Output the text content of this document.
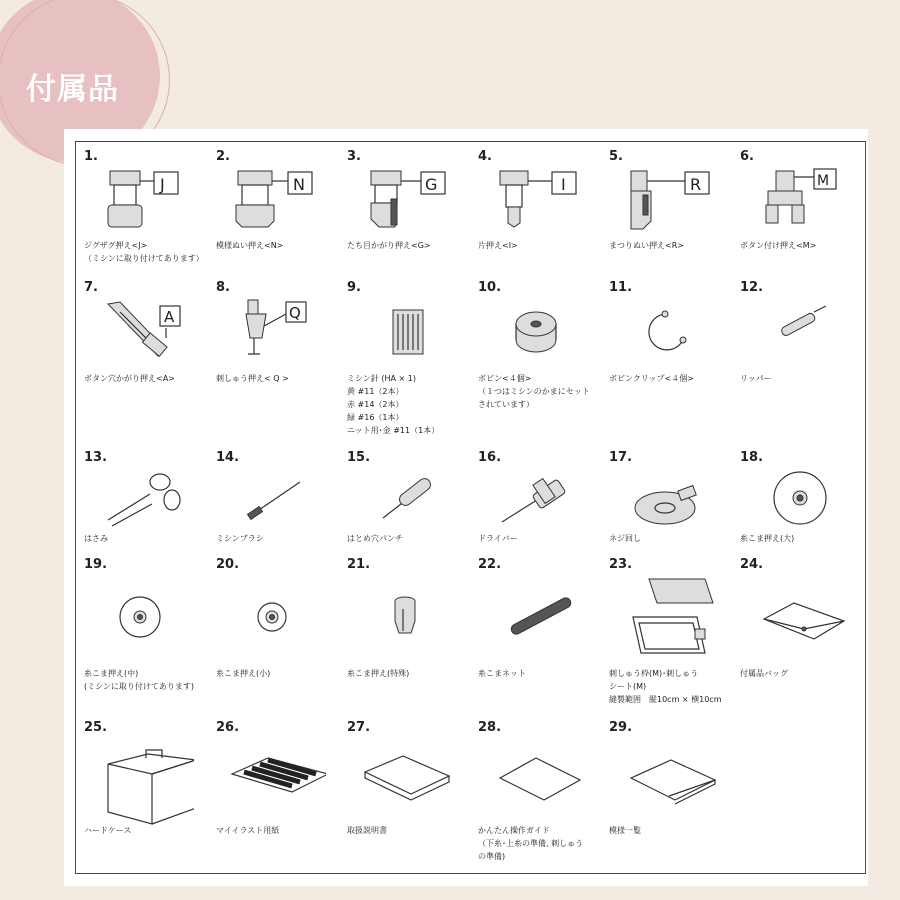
付属品
1.
J
ジグザグ押え<J>
（ミシンに取り付けてあります）
2.
N
模様ぬい押え<N>
3.
G
たち目かがり押え<G>
4.
I
片押え<I>
5.
R
まつりぬい押え<R>
6.
M
ボタン付け押え<M>
7.
A
ボタン穴かがり押え<A>
8.
Q
刺しゅう押え< Q >
9.
ミシン針 (HA × 1)
黄 #11（2本）
赤 #14（2本）
緑 #16（1本）
ニット用･金 #11（1本）
10.
ボビン<４個>
（１つはミシンのかまにセット
されています）
11.
ボビンクリップ<４個>
12.
リッパー
13.
はさみ
14.
ミシンブラシ
15.
はとめ穴パンチ
16.
ドライバー
17.
ネジ回し
18.
糸こま押え(大)
19.
糸こま押え(中)
(ミシンに取り付けてあります)
20.
糸こま押え(小)
21.
糸こま押え(特殊)
22.
糸こまネット
23.
刺しゅう枠(M)･刺しゅう
シート(M)
縫製範囲　縦10cm × 横10cm
24.
付属品バッグ
25.
ハードケース
26.
マイイラスト用紙
27.
取扱説明書
28.
かんたん操作ガイド
（下糸･上糸の準備, 刺しゅう
の準備)
29.
模様一覧
